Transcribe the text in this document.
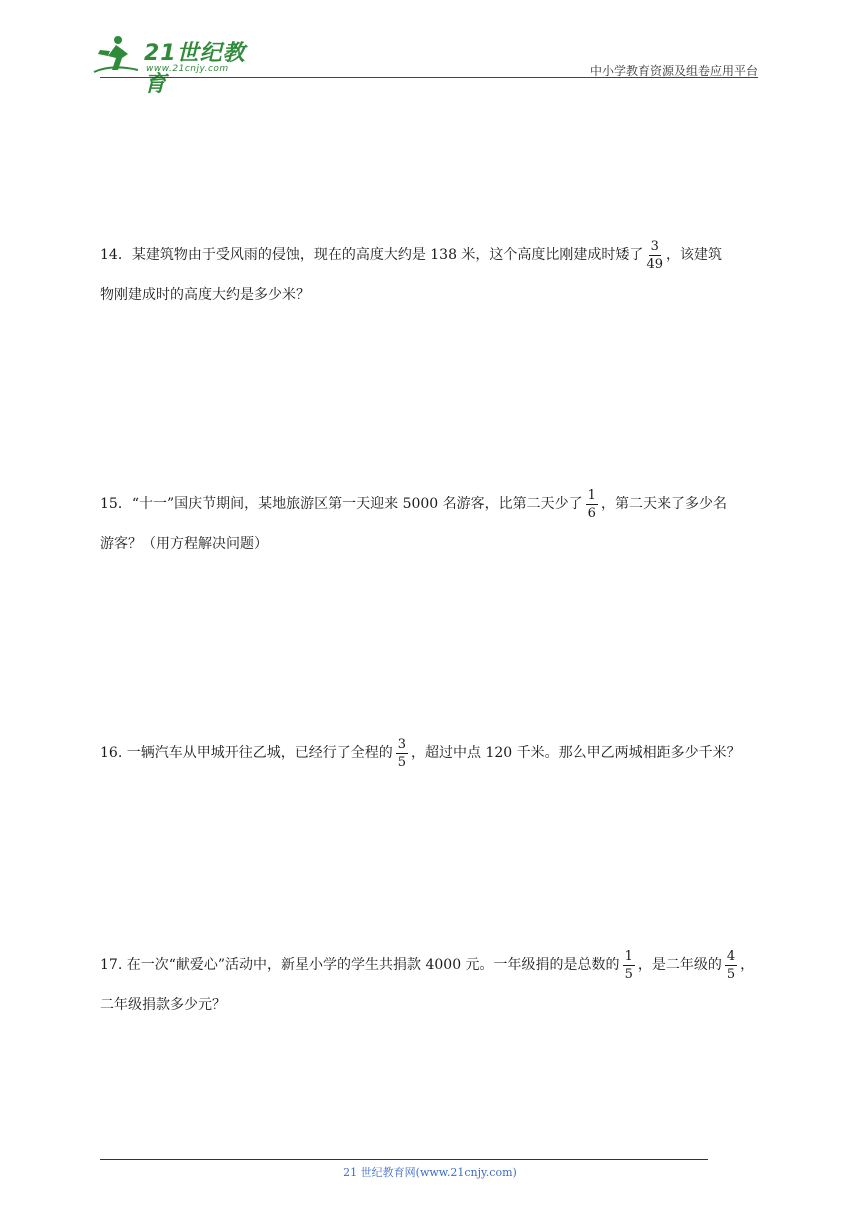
21世纪教育
www.21cnjy.com	中小学教育资源及组卷应用平台
14．某建筑物由于受风雨的侵蚀，现在的高度大约是 138 米，这个高度比刚建成时矮了 $\frac{3}{49}$ ，该建筑
物刚建成时的高度大约是多少米？
15．“十一”国庆节期间，某地旅游区第一天迎来 5000 名游客，比第二天少了 $\frac{1}{6}$ ，第二天来了多少名
游客？（用方程解决问题）
16. 一辆汽车从甲城开往乙城，已经行了全程的 $\frac{3}{5}$ ，超过中点 120 千米。那么甲乙两城相距多少千米？
17. 在一次“献爱心”活动中，新星小学的学生共捐款 4000 元。一年级捐的是总数的 $\frac{1}{5}$ ，是二年级的 $\frac{4}{5}$ ，
二年级捐款多少元？
21 世纪教育网(www.21cnjy.com)
